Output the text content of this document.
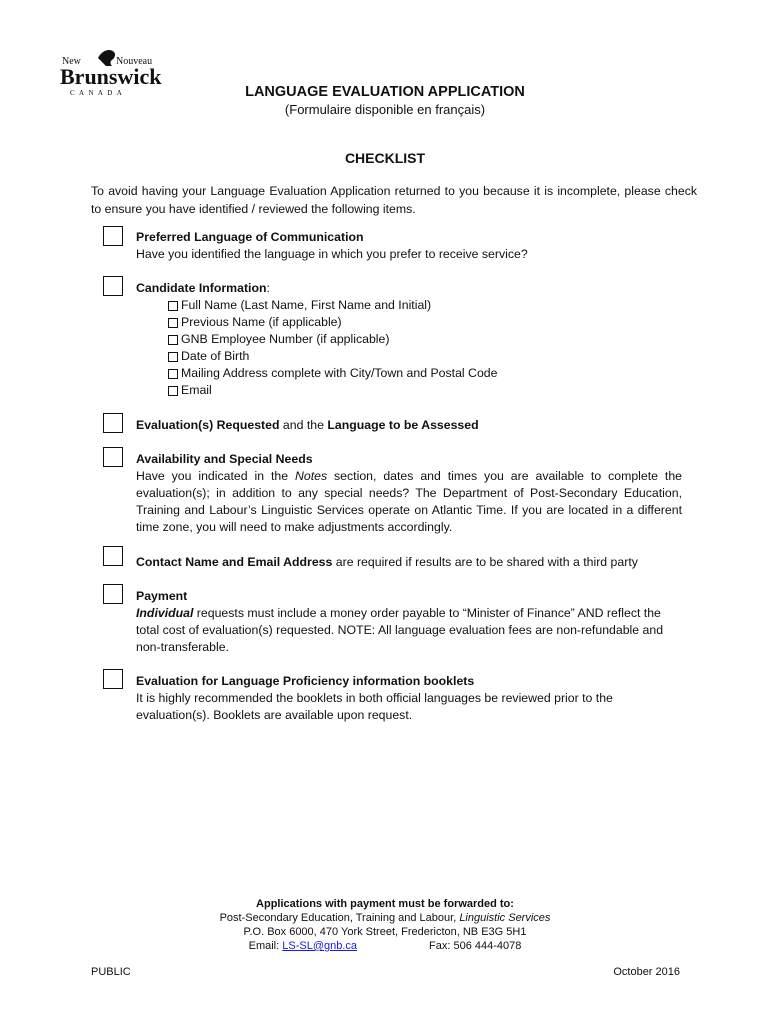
New	Nouveau
Brunswick
C A N A D A	LANGUAGE EVALUATION APPLICATION
(Formulaire disponible en français)
CHECKLIST
To avoid having your Language Evaluation Application returned to you because it is incomplete, please check to ensure you have identified / reviewed the following items.
Preferred Language of Communication
Have you identified the language in which you prefer to receive service?
Candidate Information:
Full Name (Last Name, First Name and Initial)
Previous Name (if applicable)
GNB Employee Number (if applicable)
Date of Birth
Mailing Address complete with City/Town and Postal Code
Email
Evaluation(s) Requested and the Language to be Assessed
Availability and Special Needs
Have you indicated in the Notes section, dates and times you are available to complete the evaluation(s); in addition to any special needs? The Department of Post-Secondary Education, Training and Labour’s Linguistic Services operate on Atlantic Time. If you are located in a different time zone, you will need to make adjustments accordingly.
Contact Name and Email Address are required if results are to be shared with a third party
Payment
Individual requests must include a money order payable to “Minister of Finance” AND reflect the total cost of evaluation(s) requested. NOTE: All language evaluation fees are non-refundable and non-transferable.
Evaluation for Language Proficiency information booklets
It is highly recommended the booklets in both official languages be reviewed prior to the evaluation(s). Booklets are available upon request.
Applications with payment must be forwarded to:
Post-Secondary Education, Training and Labour, Linguistic Services
P.O. Box 6000, 470 York Street, Fredericton, NB E3G 5H1
Email: LS-SL@gnb.ca	Fax: 506 444-4078
PUBLIC	October 2016
